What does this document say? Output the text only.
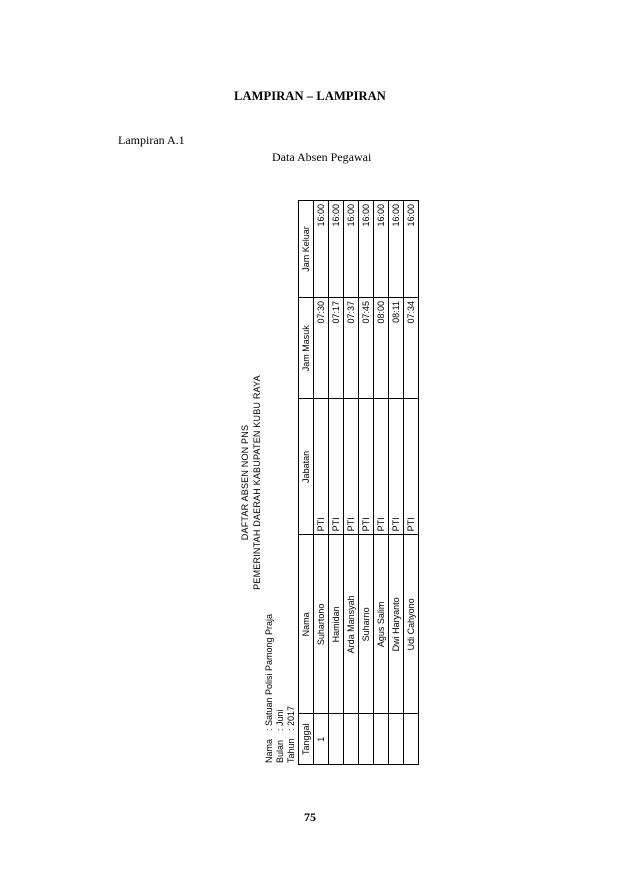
LAMPIRAN – LAMPIRAN
Lampiran A.1
Data Absen Pegawai
DAFTAR ABSEN NON PNS PEMERINTAH DAERAH KABUPATEN KUBU RAYA
Nama: Satuan Polisi Pamong Praja
Bulan: Juni
Tahun: 2017
Tanggal	Nama	Jabatan	Jam Masuk	Jam Keluar
1	Suhartono	PTI	07:30	16:00
	Hamidan	PTI	07:17	16:00
	Arda Mansyah	PTI	07:37	16:00
	Suharno	PTI	07:45	16:00
	Agus Salim	PTI	08:00	16:00
	Dwi Haryanto	PTI	08:11	16:00
	Udi Cahyono	PTI	07:34	16:00
75
